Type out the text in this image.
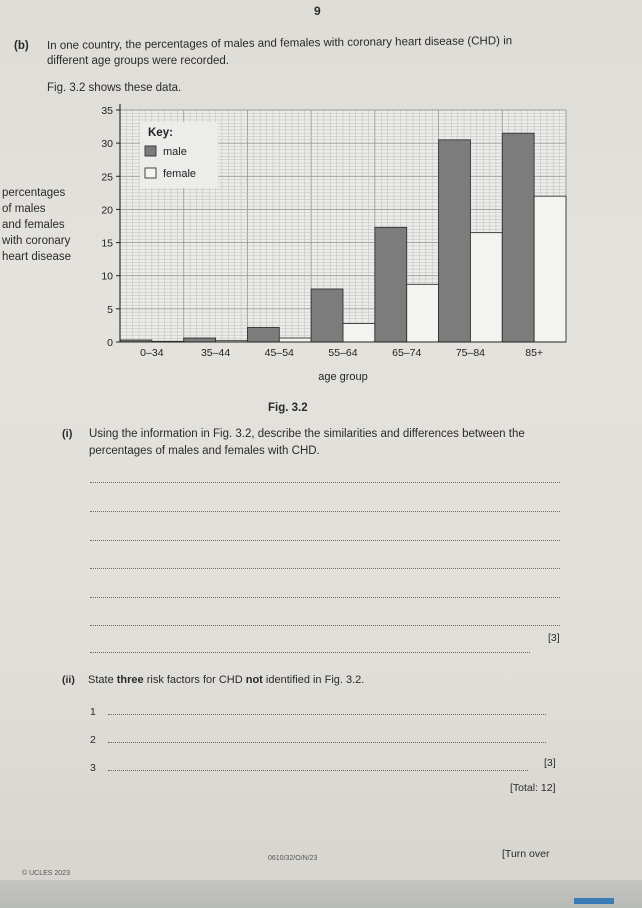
9
(b) In one country, the percentages of males and females with coronary heart disease (CHD) in
different age groups were recorded.
Fig. 3.2 shows these data.
percentages
of males
and females
with coronary
heart disease
0–34	35–44	45–54	55–64	65–74	75–84	85+
0
5
10
15
20
25
30
35
age group
Key:
male
female
Fig. 3.2
(i) Using the information in Fig. 3.2, describe the similarities and differences between the
percentages of males and females with CHD.
[3]
(ii) State three risk factors for CHD not identified in Fig. 3.2.
1
2
3	[3]
[Total: 12]
[Turn over
0610/32/O/N/23
© UCLES 2023
